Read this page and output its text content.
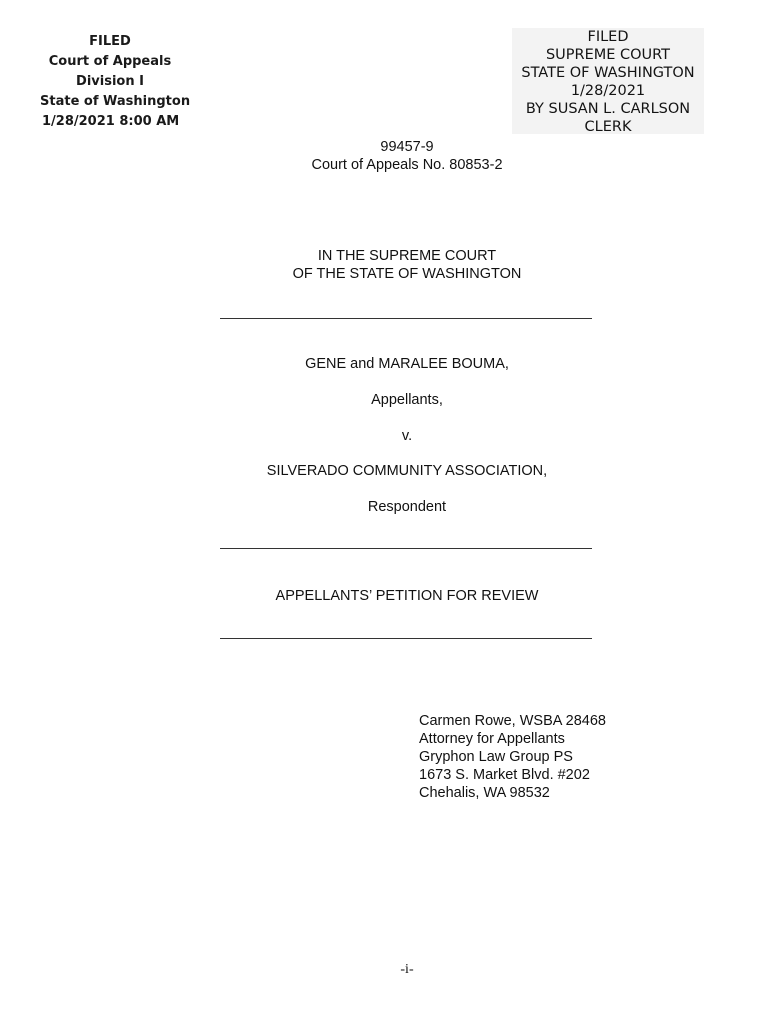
FILED
Court of Appeals
Division I
State of Washington
1/28/2021 8:00 AM
FILED
SUPREME COURT
STATE OF WASHINGTON
1/28/2021
BY SUSAN L. CARLSON
CLERK
99457-9
Court of Appeals No. 80853-2
IN THE SUPREME COURT
OF THE STATE OF WASHINGTON
GENE and MARALEE BOUMA,
Appellants,
v.
SILVERADO COMMUNITY ASSOCIATION,
Respondent
APPELLANTS’ PETITION FOR REVIEW
Carmen Rowe, WSBA 28468
Attorney for Appellants
Gryphon Law Group PS
1673 S. Market Blvd. #202
Chehalis, WA 98532
-i-
